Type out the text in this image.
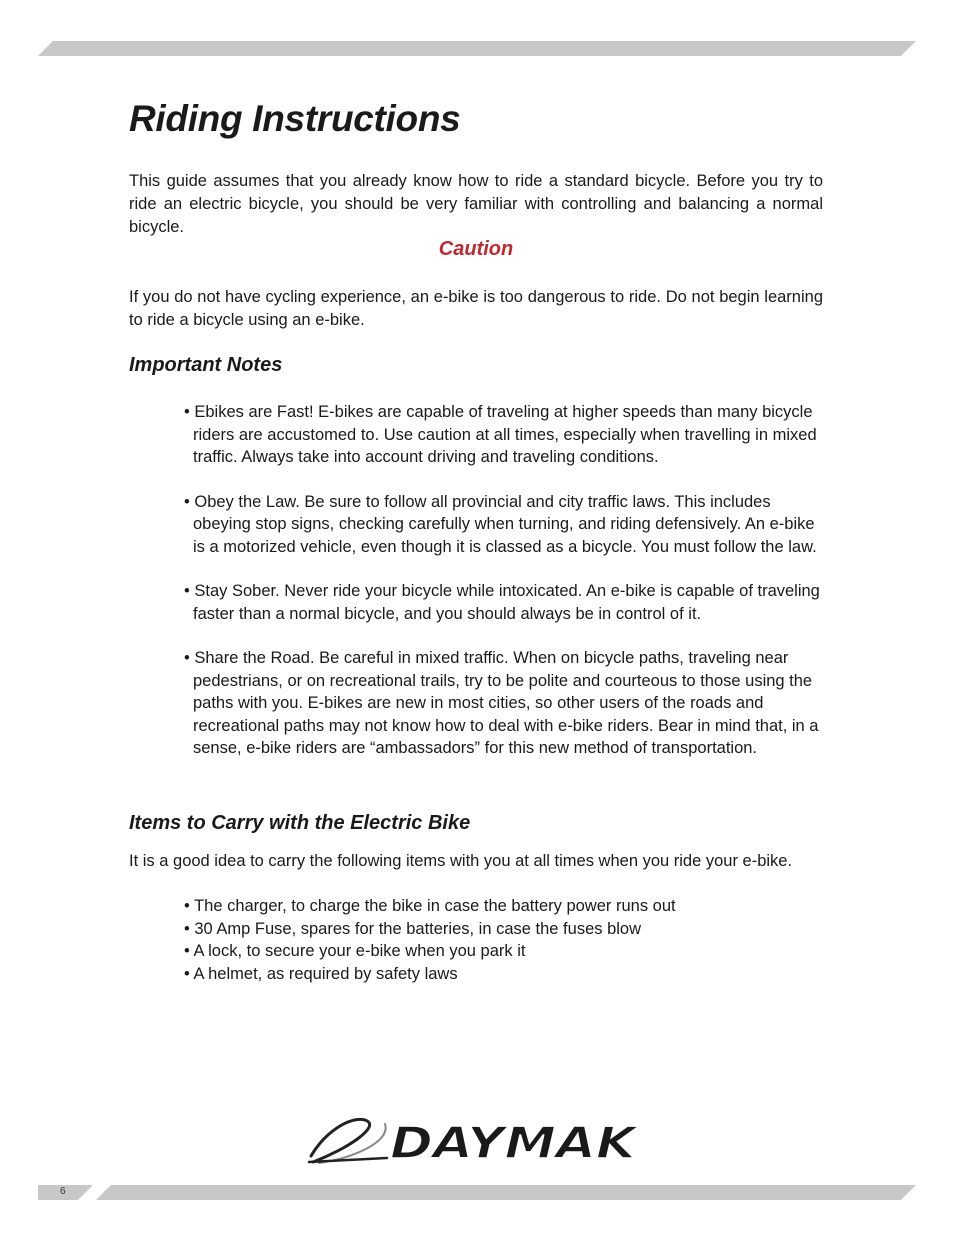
Riding Instructions

This guide assumes that you already know how to ride a standard bicycle. Before you try to ride an electric bicycle, you should be very familiar with controlling and balancing a normal bicycle.

Caution

If you do not have cycling experience, an e-bike is too dangerous to ride. Do not begin learning to ride a bicycle using an e-bike.

Important Notes
• Ebikes are Fast! E-bikes are capable of traveling at higher speeds than many bicycle riders are accustomed to. Use caution at all times, especially when travelling in mixed traffic. Always take into account driving and traveling conditions.
• Obey the Law. Be sure to follow all provincial and city traffic laws. This includes obeying stop signs, checking carefully when turning, and riding defensively. An e-bike is a motorized vehicle, even though it is classed as a bicycle. You must follow the law.
• Stay Sober. Never ride your bicycle while intoxicated. An e-bike is capable of traveling faster than a normal bicycle, and you should always be in control of it.
• Share the Road. Be careful in mixed traffic. When on bicycle paths, traveling near pedestrians, or on recreational trails, try to be polite and courteous to those using the paths with you. E-bikes are new in most cities, so other users of the roads and recreational paths may not know how to deal with e-bike riders. Bear in mind that, in a sense, e-bike riders are “ambassadors” for this new method of transportation.
Items to Carry with the Electric Bike

It is a good idea to carry the following items with you at all times when you ride your e-bike.

• The charger, to charge the bike in case the battery power runs out
• 30 Amp Fuse, spares for the batteries, in case the fuses blow
• A lock, to secure your e-bike when you park it
• A helmet, as required by safety laws
DAYMAK
6
